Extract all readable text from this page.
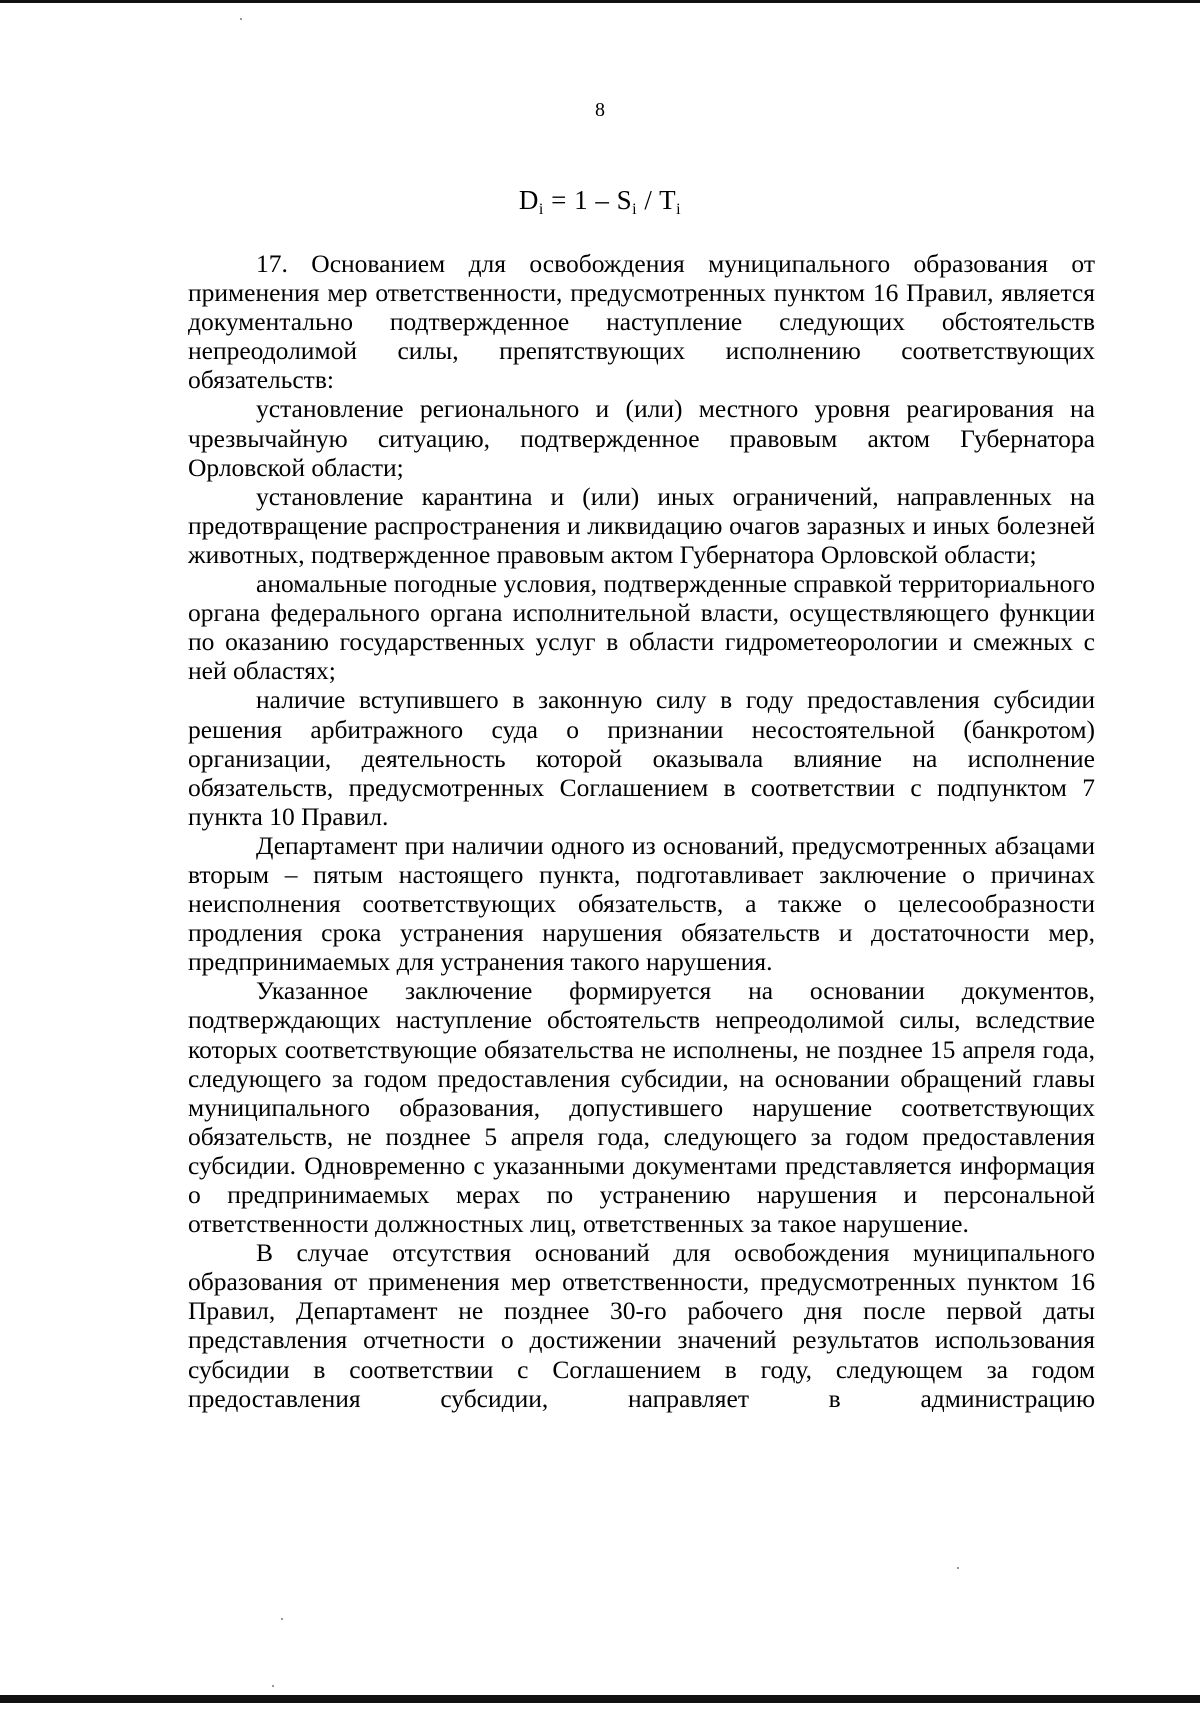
8
$D_i = 1 - S_i / T_i$

17. Основанием для освобождения муниципального образования от применения мер ответственности, предусмотренных пунктом 16 Правил, является документально подтвержденное наступление следующих обстоятельств непреодолимой силы, препятствующих исполнению соответствующих обязательств:

установление регионального и (или) местного уровня реагирования на чрезвычайную ситуацию, подтвержденное правовым актом Губернатора Орловской области;

установление карантина и (или) иных ограничений, направленных на предотвращение распространения и ликвидацию очагов заразных и иных болезней животных, подтвержденное правовым актом Губернатора Орловской области;

аномальные погодные условия, подтвержденные справкой территориального органа федерального органа исполнительной власти, осуществляющего функции по оказанию государственных услуг в области гидрометеорологии и смежных с ней областях;

наличие вступившего в законную силу в году предоставления субсидии решения арбитражного суда о признании несостоятельной (банкротом) организации, деятельность которой оказывала влияние на исполнение обязательств, предусмотренных Соглашением в соответствии с подпунктом 7 пункта 10 Правил.

Департамент при наличии одного из оснований, предусмотренных абзацами вторым – пятым настоящего пункта, подготавливает заключение о причинах неисполнения соответствующих обязательств, а также о целесообразности продления срока устранения нарушения обязательств и достаточности мер, предпринимаемых для устранения такого нарушения.

Указанное заключение формируется на основании документов, подтверждающих наступление обстоятельств непреодолимой силы, вследствие которых соответствующие обязательства не исполнены, не позднее 15 апреля года, следующего за годом предоставления субсидии, на основании обращений главы муниципального образования, допустившего нарушение соответствующих обязательств, не позднее 5 апреля года, следующего за годом предоставления субсидии. Одновременно с указанными документами представляется информация о предпринимаемых мерах по устранению нарушения и персональной ответственности должностных лиц, ответственных за такое нарушение.

В случае отсутствия оснований для освобождения муниципального образования от применения мер ответственности, предусмотренных пунктом 16 Правил, Департамент не позднее 30-го рабочего дня после первой даты представления отчетности о достижении значений результатов использования субсидии в соответствии с Соглашением в году, следующем за годом предоставления субсидии, направляет в администрацию
